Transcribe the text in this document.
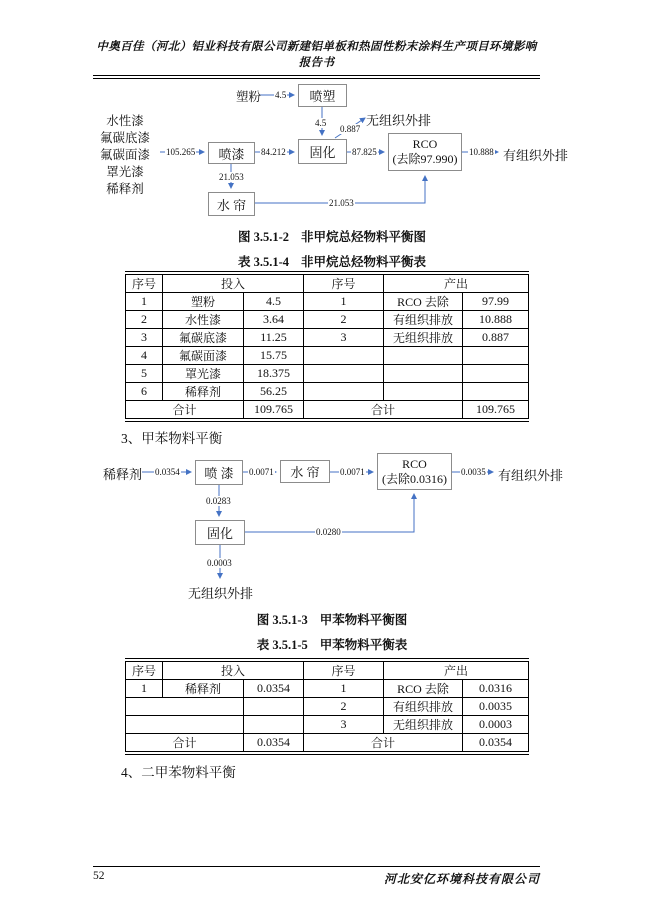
中奥百佳（河北）铝业科技有限公司新建铝单板和热固性粉末涂料生产项目环境影响报告书
塑粉 4.5	喷塑
4.5
0.887
无组织外排
水性漆
氟碳底漆
氟碳面漆
罩光漆
稀释剂
105.265	喷漆	84.212	固化	87.825
RCO
(去除97.990) 10.888 有组织外排
21.053
水 帘	21.053
图 3.5.1-2 非甲烷总烃物料平衡图
表 3.5.1-4 非甲烷总烃物料平衡表
序号	投入		序号	产出	
1	塑粉	4.5	1	RCO 去除	97.99
2	水性漆	3.64	2	有组织排放	10.888
3	氟碳底漆	11.25	3	无组织排放	0.887
4	氟碳面漆	15.75			
5	罩光漆	18.375			
6	稀释剂	56.25			
合计		109.765	合计		109.765
3、甲苯物料平衡
稀释剂 0.0354	喷 漆	0.0071	水 帘	0.0071
RCO
(去除0.0316) 0.0035 有组织外排
0.0283
固化	0.0280
0.0003
无组织外排
图 3.5.1-3 甲苯物料平衡图
表 3.5.1-5 甲苯物料平衡表
序号	投入		序号	产出	
1	稀释剂	0.0354	1	RCO 去除	0.0316
			2	有组织排放	0.0035
			3	无组织排放	0.0003
合计		0.0354	合计		0.0354
4、二甲苯物料平衡
52	河北安亿环境科技有限公司
